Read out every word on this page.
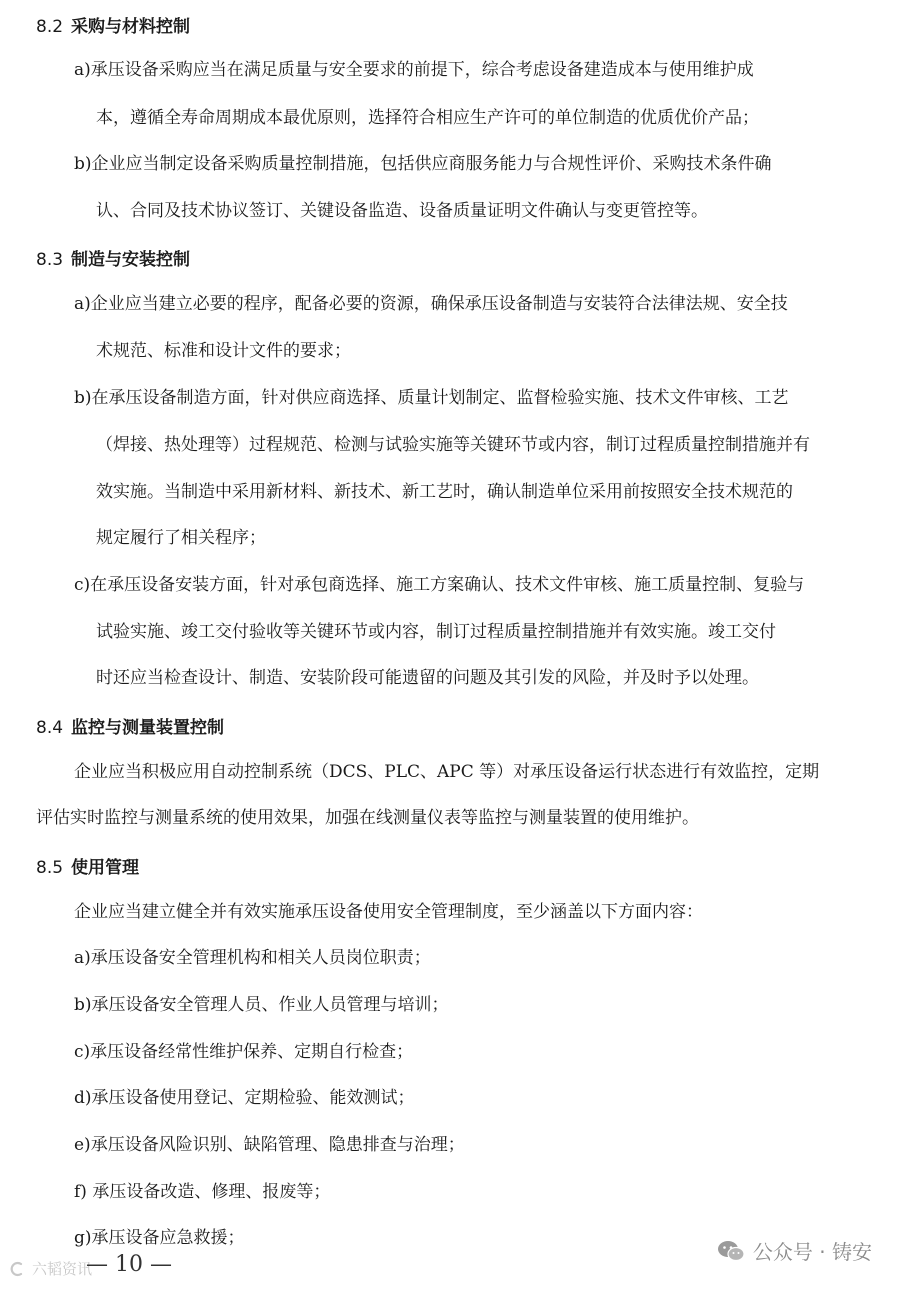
8.2 采购与材料控制
a)承压设备采购应当在满足质量与安全要求的前提下，综合考虑设备建造成本与使用维护成
本，遵循全寿命周期成本最优原则，选择符合相应生产许可的单位制造的优质优价产品；
b)企业应当制定设备采购质量控制措施，包括供应商服务能力与合规性评价、采购技术条件确
认、合同及技术协议签订、关键设备监造、设备质量证明文件确认与变更管控等。
8.3 制造与安装控制
a)企业应当建立必要的程序，配备必要的资源，确保承压设备制造与安装符合法律法规、安全技
术规范、标准和设计文件的要求；
b)在承压设备制造方面，针对供应商选择、质量计划制定、监督检验实施、技术文件审核、工艺
（焊接、热处理等）过程规范、检测与试验实施等关键环节或内容，制订过程质量控制措施并有
效实施。当制造中采用新材料、新技术、新工艺时，确认制造单位采用前按照安全技术规范的
规定履行了相关程序；
c)在承压设备安装方面，针对承包商选择、施工方案确认、技术文件审核、施工质量控制、复验与
试验实施、竣工交付验收等关键环节或内容，制订过程质量控制措施并有效实施。竣工交付
时还应当检查设计、制造、安装阶段可能遗留的问题及其引发的风险，并及时予以处理。
8.4 监控与测量装置控制
企业应当积极应用自动控制系统（DCS、PLC、APC 等）对承压设备运行状态进行有效监控，定期
评估实时监控与测量系统的使用效果，加强在线测量仪表等监控与测量装置的使用维护。
8.5 使用管理
企业应当建立健全并有效实施承压设备使用安全管理制度，至少涵盖以下方面内容：
a)承压设备安全管理机构和相关人员岗位职责；
b)承压设备安全管理人员、作业人员管理与培训；
c)承压设备经常性维护保养、定期自行检查；
d)承压设备使用登记、定期检验、能效测试；
e)承压设备风险识别、缺陷管理、隐患排查与治理；
f) 承压设备改造、修理、报废等；
g)承压设备应急救援；
六韬资讯
— 10 —	公众号 · 铸安
